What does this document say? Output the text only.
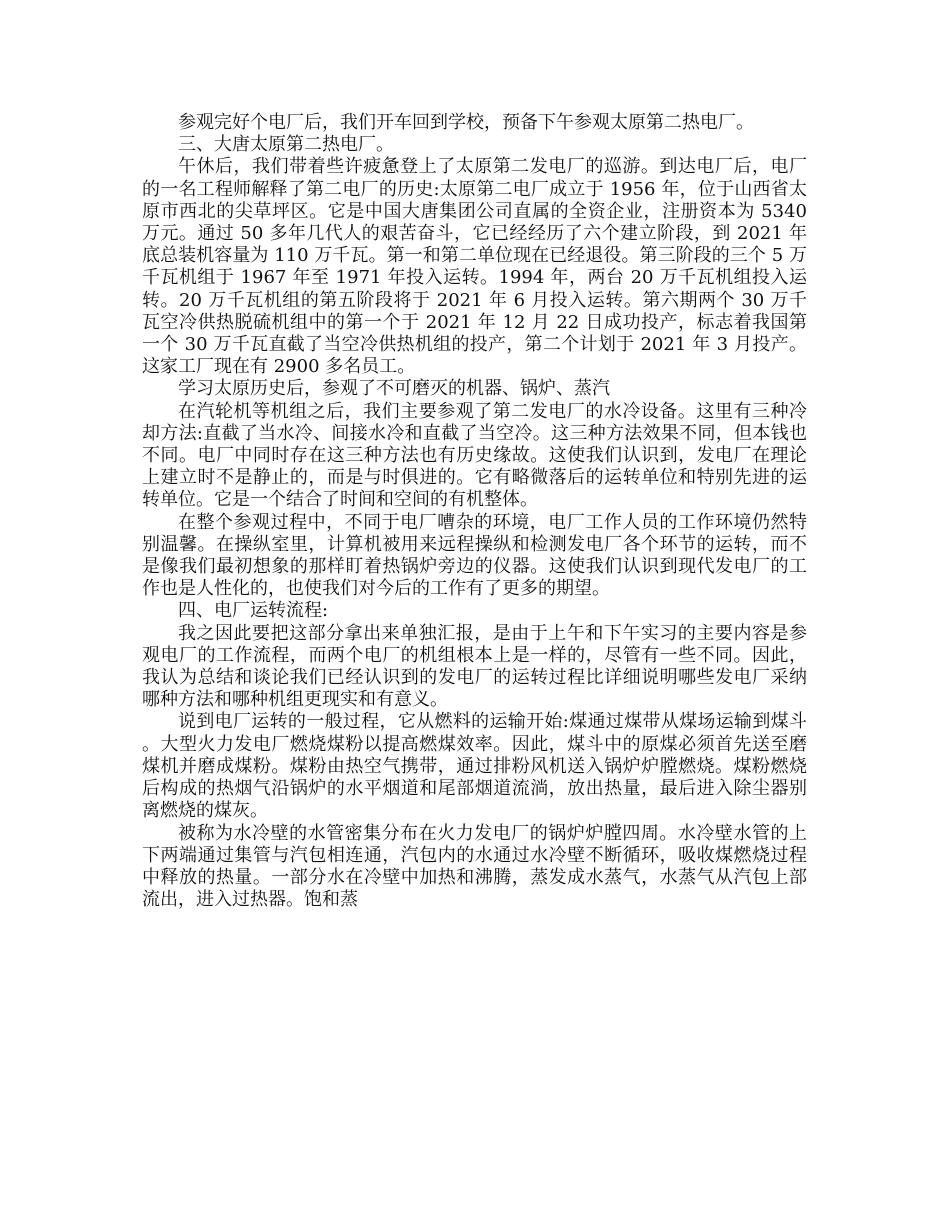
参观完好个电厂后，我们开车回到学校，预备下午参观太原第二热电厂。

三、大唐太原第二热电厂。

午休后，我们带着些许疲惫登上了太原第二发电厂的巡游。到达电厂后，电厂的一名工程师解释了第二电厂的历史:太原第二电厂成立于 1956 年，位于山西省太原市西北的尖草坪区。它是中国大唐集团公司直属的全资企业，注册资本为 5340 万元。通过 50 多年几代人的艰苦奋斗，它已经经历了六个建立阶段，到 2021 年底总装机容量为 110 万千瓦。第一和第二单位现在已经退役。第三阶段的三个 5 万千瓦机组于 1967 年至 1971 年投入运转。1994 年，两台 20 万千瓦机组投入运转。20 万千瓦机组的第五阶段将于 2021 年 6 月投入运转。第六期两个 30 万千瓦空冷供热脱硫机组中的第一个于 2021 年 12 月 22 日成功投产，标志着我国第一个 30 万千瓦直截了当空冷供热机组的投产，第二个计划于 2021 年 3 月投产。这家工厂现在有 2900 多名员工。

学习太原历史后，参观了不可磨灭的机器、锅炉、蒸汽

在汽轮机等机组之后，我们主要参观了第二发电厂的水冷设备。这里有三种冷却方法:直截了当水冷、间接水冷和直截了当空冷。这三种方法效果不同，但本钱也不同。电厂中同时存在这三种方法也有历史缘故。这使我们认识到，发电厂在理论上建立时不是静止的，而是与时俱进的。它有略微落后的运转单位和特别先进的运转单位。它是一个结合了时间和空间的有机整体。

在整个参观过程中，不同于电厂嘈杂的环境，电厂工作人员的工作环境仍然特别温馨。在操纵室里，计算机被用来远程操纵和检测发电厂各个环节的运转，而不是像我们最初想象的那样盯着热锅炉旁边的仪器。这使我们认识到现代发电厂的工作也是人性化的，也使我们对今后的工作有了更多的期望。

四、电厂运转流程:

我之因此要把这部分拿出来单独汇报，是由于上午和下午实习的主要内容是参观电厂的工作流程，而两个电厂的机组根本上是一样的，尽管有一些不同。因此，我认为总结和谈论我们已经认识到的发电厂的运转过程比详细说明哪些发电厂采纳哪种方法和哪种机组更现实和有意义。

说到电厂运转的一般过程，它从燃料的运输开始:煤通过煤带从煤场运输到煤斗。大型火力发电厂燃烧煤粉以提高燃煤效率。因此，煤斗中的原煤必须首先送至磨煤机并磨成煤粉。煤粉由热空气携带，通过排粉风机送入锅炉炉膛燃烧。煤粉燃烧后构成的热烟气沿锅炉的水平烟道和尾部烟道流淌，放出热量，最后进入除尘器别离燃烧的煤灰。

被称为水冷壁的水管密集分布在火力发电厂的锅炉炉膛四周。水冷壁水管的上下两端通过集管与汽包相连通，汽包内的水通过水冷壁不断循环，吸收煤燃烧过程中释放的热量。一部分水在冷壁中加热和沸腾，蒸发成水蒸气，水蒸气从汽包上部流出，进入过热器。饱和蒸
